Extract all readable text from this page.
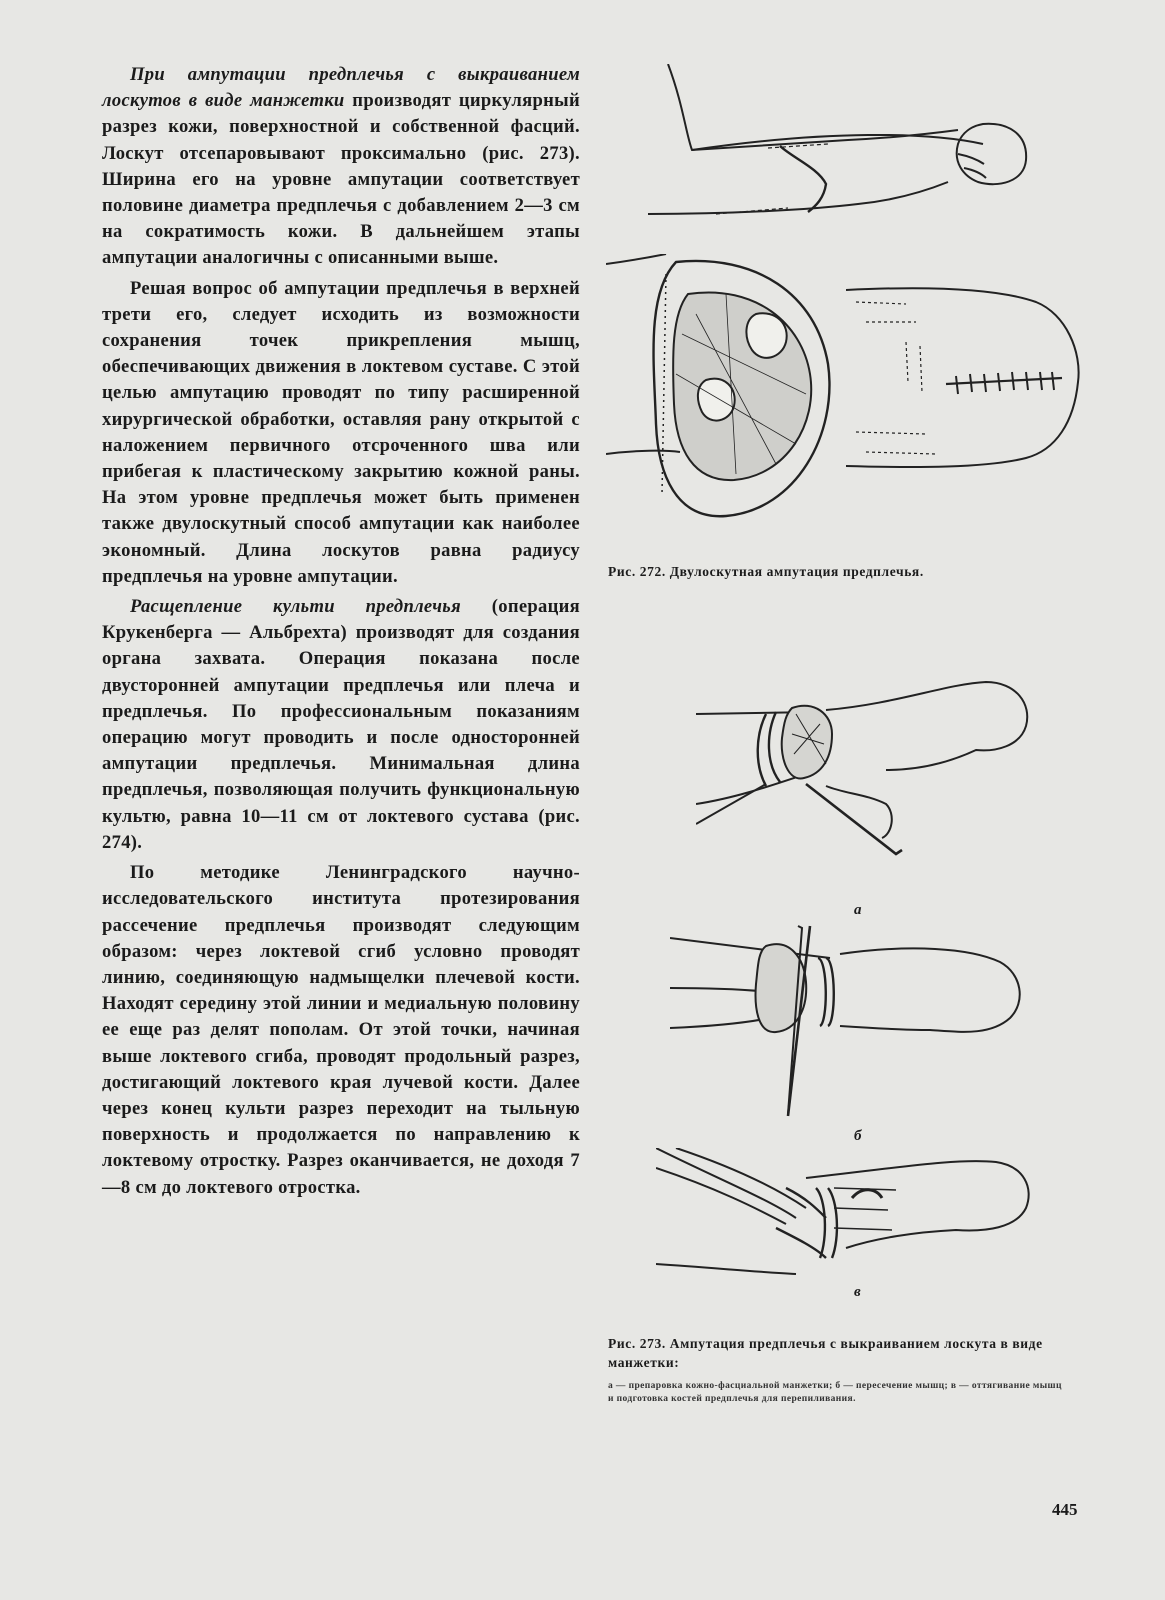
При ампутации предплечья с выкраиванием лоскутов в виде манжетки производят циркулярный разрез кожи, поверхностной и собственной фасций. Лоскут отсепаровывают проксимально (рис. 273). Ширина его на уровне ампутации соответствует половине диаметра предплечья с добавлением 2—3 см на сократимость кожи. В дальнейшем этапы ампутации аналогичны с описанными выше.

Решая вопрос об ампутации предплечья в верхней трети его, следует исходить из возможности сохранения точек прикрепления мышц, обеспечивающих движения в локтевом суставе. С этой целью ампутацию проводят по типу расширенной хирургической обработки, оставляя рану открытой с наложением первичного отсроченного шва или прибегая к пластическому закрытию кожной раны. На этом уровне предплечья может быть применен также двулоскутный способ ампутации как наиболее экономный. Длина лоскутов равна радиусу предплечья на уровне ампутации.

Расщепление культи предплечья (операция Крукенберга — Альбрехта) производят для создания органа захвата. Операция показана после двусторонней ампутации предплечья или плеча и предплечья. По профессиональным показаниям операцию могут проводить и после односторонней ампутации предплечья. Минимальная длина предплечья, позволяющая получить функциональную культю, равна 10—11 см от локтевого сустава (рис. 274).

По методике Ленинградского научно-исследовательского института протезирования рассечение предплечья производят следующим образом: через локтевой сгиб условно проводят линию, соединяющую надмыщелки плечевой кости. Находят середину этой линии и медиальную половину ее еще раз делят пополам. От этой точки, начиная выше локтевого сгиба, проводят продольный разрез, достигающий локтевого края лучевой кости. Далее через конец культи разрез переходит на тыльную поверхность и продолжается по направлению к локтевому отростку. Разрез оканчивается, не доходя 7—8 см до локтевого отростка.

Рис. 272. Двулоскутная ампутация предплечья.
а
б
в
Рис. 273. Ампутация предплечья с выкраиванием лоскута в виде манжетки:
а — препаровка кожно-фасциальной манжетки; б — пересечение мышц; в — оттягивание мышц и подготовка костей предплечья для перепиливания.
445
